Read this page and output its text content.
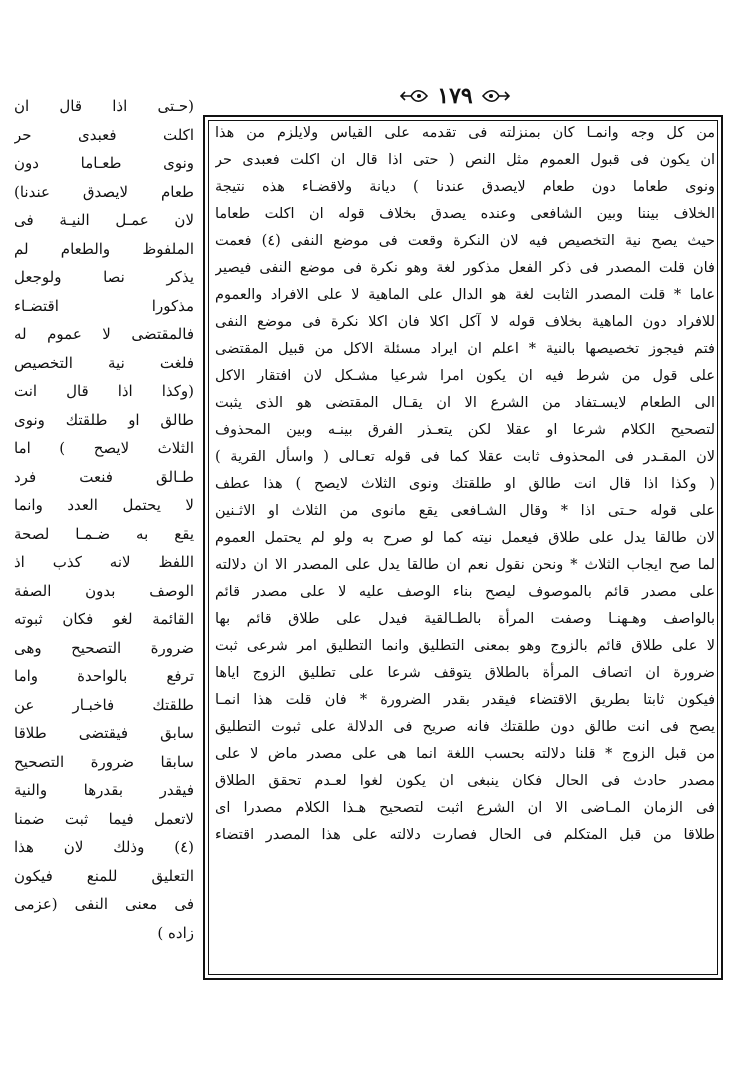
١٧٩
(حـتى اذا قال ان
اكلت فعبدى حر
ونوى طعـاما دون
طعام لايصدق عندنا)
لان عمـل النيـة فى
الملفوظ والطعام لم
يذكر نصا ولوجعل
مذكورا اقتضـاء
فالمقتضى لا عموم له
فلغت نية التخصيص
(وكذا اذا قال انت
طالق او طلقتك ونوى
الثلاث لايصح ) اما
طـالق فنعت فرد
لا يحتمل العدد وانما
يقع به ضـمـا لصحة
اللفظ لانه كذب اذ
الوصف بدون الصفة
القائمة لغو فكان ثبوته
ضرورة التصحيح وهى
ترفع بالواحدة واما
طلقتك فاخبـار عن
سابق فيقتضى طلاقا
سابقا ضرورة التصحيح
فيقدر بقدرها والنية
لاتعمل فيما ثبت ضمنا
(٤) وذلك لان هذا
التعليق للمنع فيكون
فى معنى النفى (عزمى
زاده )
من كل وجه وانمـا كان بمنزلته فى تقدمه على القياس ولايلزم من هذا
ان يكون فى قبول العموم مثل النص ( حتى اذا قال ان اكلت فعبدى حر
ونوى طعاما دون طعام لايصدق عندنا ) ديانة ولاقضـاء هذه نتيجة
الخلاف بيننا وبين الشافعى وعنده يصدق بخلاف قوله ان اكلت طعاما
حيث يصح نية التخصيص فيه لان النكرة وقعت فى موضع النفى (٤) فعمت
فان قلت المصدر فى ذكر الفعل مذكور لغة وهو نكرة فى موضع النفى فيصير
عاما * قلت المصدر الثابت لغة هو الدال على الماهية لا على الافراد والعموم
للافراد دون الماهية بخلاف قوله لا آكل اكلا فان اكلا نكرة فى موضع النفى
فتم فيجوز تخصيصها بالنية * اعلم ان ايراد مسئلة الاكل من قبيل المقتضى
على قول من شرط فيه ان يكون امرا شرعيا مشـكل لان افتقار الاكل
الى الطعام لايسـتفاد من الشرع الا ان يقـال المقتضى هو الذى يثبت
لتصحيح الكلام شرعا او عقلا لكن يتعـذر الفرق بينـه وبين المحذوف
لان المقـدر فى المحذوف ثابت عقلا كما فى قوله تعـالى ( واسأل القرية )
( وكذا اذا قال انت طالق او طلقتك ونوى الثلاث لايصح ) هذا عطف
على قوله حـتى اذا * وقال الشـافعى يقع مانوى من الثلاث او الاثـنين
لان طالقا يدل على طلاق فيعمل نيته كما لو صرح به ولو لم يحتمل العموم
لما صح ايجاب الثلاث * ونحن نقول نعم ان طالقا يدل على المصدر الا ان دلالته
على مصدر قائم بالموصوف ليصح بناء الوصف عليه لا على مصدر قائم
بالواصف وهـهنـا وصفت المرأة بالطـالقية فيدل على طلاق قائم بها
لا على طلاق قائم بالزوج وهو بمعنى التطليق وانما التطليق امر شرعى ثبت
ضرورة ان اتصاف المرأة بالطلاق يتوقف شرعا على تطليق الزوج اياها
فيكون ثابتا بطريق الاقتضاء فيقدر بقدر الضرورة * فان قلت هذا انمـا
يصح فى انت طالق دون طلقتك فانه صريح فى الدلالة على ثبوت التطليق
من قبل الزوج * قلنا دلالته بحسب اللغة انما هى على مصدر ماض لا على
مصدر حادث فى الحال فكان ينبغى ان يكون لغوا لعـدم تحقق الطلاق
فى الزمان المـاضى الا ان الشرع اثبت لتصحيح هـذا الكلام مصدرا اى
طلاقا من قبل المتكلم فى الحال فصارت دلالته على هذا المصدر اقتضاء
